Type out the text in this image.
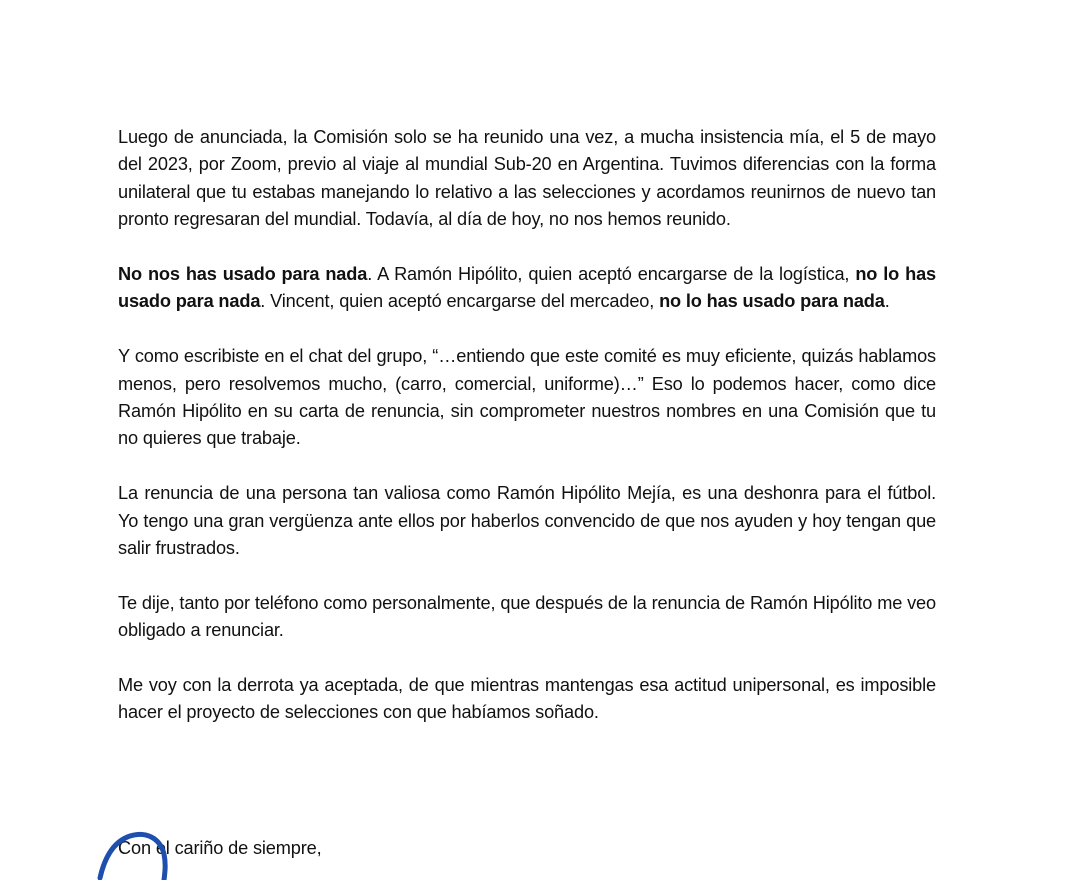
Luego de anunciada, la Comisión solo se ha reunido una vez, a mucha insistencia mía, el 5 de mayo del 2023, por Zoom, previo al viaje al mundial Sub-20 en Argentina. Tuvimos diferencias con la forma unilateral que tu estabas manejando lo relativo a las selecciones y acordamos reunirnos de nuevo tan pronto regresaran del mundial. Todavía, al día de hoy, no nos hemos reunido.

No nos has usado para nada. A Ramón Hipólito, quien aceptó encargarse de la logística, no lo has usado para nada. Vincent, quien aceptó encargarse del mercadeo, no lo has usado para nada.

Y como escribiste en el chat del grupo, “…entiendo que este comité es muy eficiente, quizás hablamos menos, pero resolvemos mucho, (carro, comercial, uniforme)…” Eso lo podemos hacer, como dice Ramón Hipólito en su carta de renuncia, sin comprometer nuestros nombres en una Comisión que tu no quieres que trabaje.

La renuncia de una persona tan valiosa como Ramón Hipólito Mejía, es una deshonra para el fútbol. Yo tengo una gran vergüenza ante ellos por haberlos convencido de que nos ayuden y hoy tengan que salir frustrados.

Te dije, tanto por teléfono como personalmente, que después de la renuncia de Ramón Hipólito me veo obligado a renunciar.

Me voy con la derrota ya aceptada, de que mientras mantengas esa actitud unipersonal, es imposible hacer el proyecto de selecciones con que habíamos soñado.

Con el cariño de siempre,
